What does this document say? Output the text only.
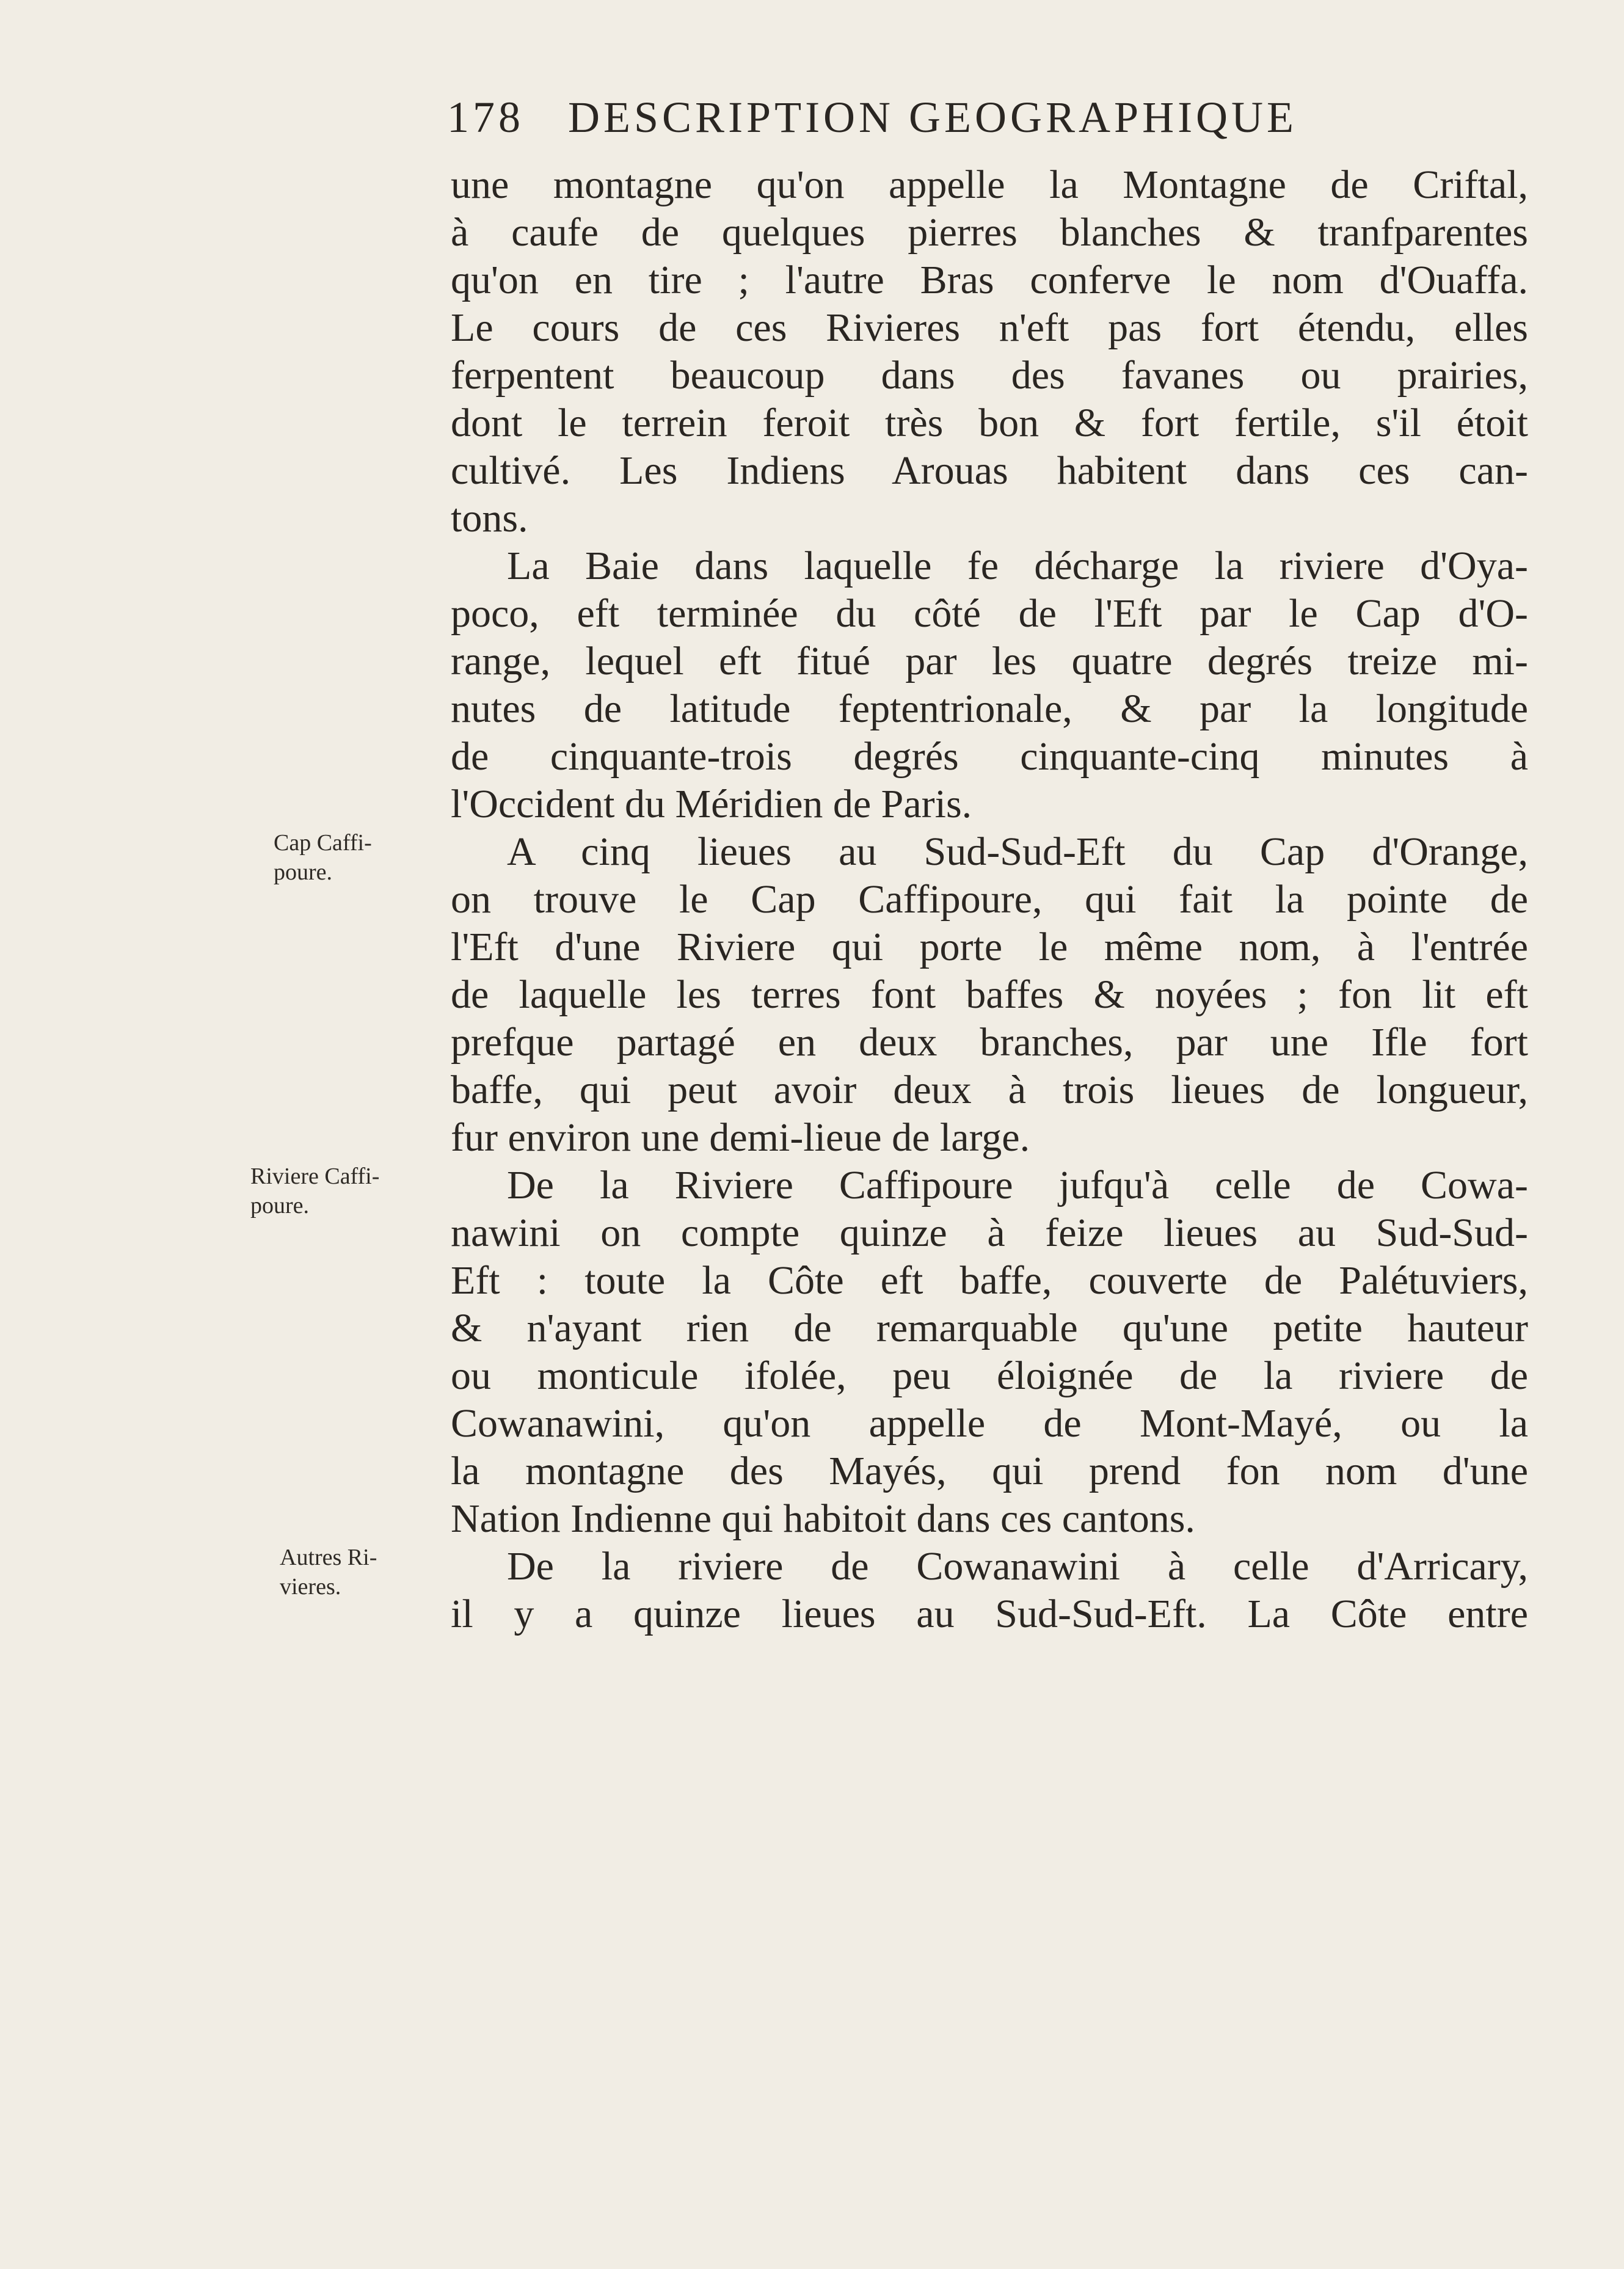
178 DESCRIPTION GEOGRAPHIQUE
une montagne qu'on appelle la Montagne de Criftal,
à caufe de quelques pierres blanches & tranfparentes
qu'on en tire ; l'autre Bras conferve le nom d'Ouaffa.
Le cours de ces Rivieres n'eft pas fort étendu, elles
ferpentent beaucoup dans des favanes ou prairies,
dont le terrein feroit très bon & fort fertile, s'il étoit
cultivé. Les Indiens Arouas habitent dans ces can-
tons.
La Baie dans laquelle fe décharge la riviere d'Oya-
poco, eft terminée du côté de l'Eft par le Cap d'O-
range, lequel eft fitué par les quatre degrés treize mi-
nutes de latitude feptentrionale, & par la longitude
de cinquante-trois degrés cinquante-cinq minutes à
l'Occident du Méridien de Paris.
Cap Caffi-
poure.	A cinq lieues au Sud-Sud-Eft du Cap d'Orange,
on trouve le Cap Caffipoure, qui fait la pointe de
l'Eft d'une Riviere qui porte le même nom, à l'entrée
de laquelle les terres font baffes & noyées ; fon lit eft
prefque partagé en deux branches, par une Ifle fort
baffe, qui peut avoir deux à trois lieues de longueur,
fur environ une demi-lieue de large.
Riviere Caffi-
poure.	De la Riviere Caffipoure jufqu'à celle de Cowa-
nawini on compte quinze à feize lieues au Sud-Sud-
Eft : toute la Côte eft baffe, couverte de Palétuviers,
& n'ayant rien de remarquable qu'une petite hauteur
ou monticule ifolée, peu éloignée de la riviere de
Cowanawini, qu'on appelle de Mont-Mayé, ou la
la montagne des Mayés, qui prend fon nom d'une
Nation Indienne qui habitoit dans ces cantons.
Autres Ri-
vieres.	De la riviere de Cowanawini à celle d'Arricary,
il y a quinze lieues au Sud-Sud-Eft. La Côte entre
